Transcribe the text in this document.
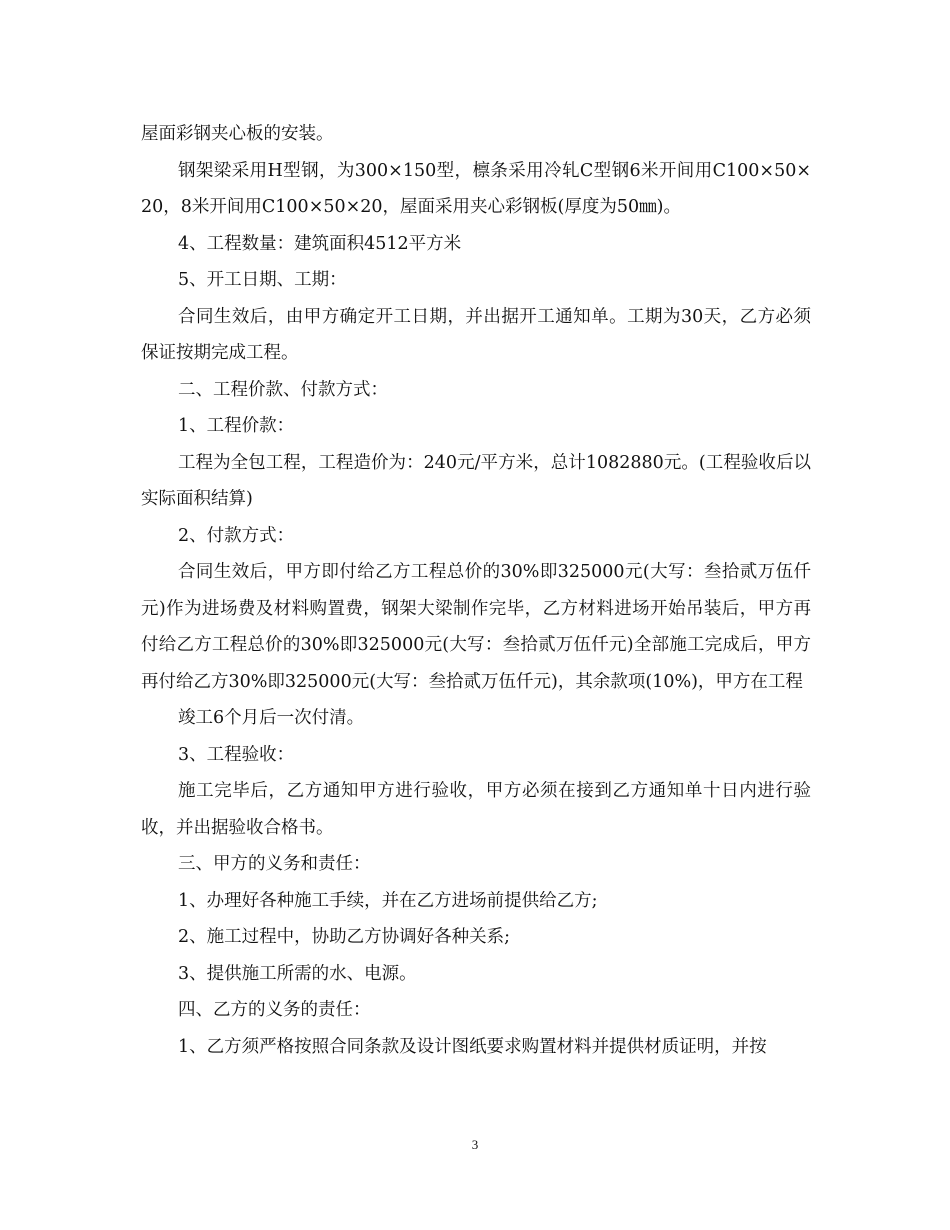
屋面彩钢夹心板的安装。

钢架梁采用H型钢，为300×150型，檩条采用冷轧C型钢6米开间用C100×50×20，8米开间用C100×50×20，屋面采用夹心彩钢板(厚度为50㎜)。

4、工程数量：建筑面积4512平方米

5、开工日期、工期：

合同生效后，由甲方确定开工日期，并出据开工通知单。工期为30天，乙方必须保证按期完成工程。

二、工程价款、付款方式：

1、工程价款：

工程为全包工程，工程造价为：240元/平方米，总计1082880元。(工程验收后以实际面积结算)

2、付款方式：

合同生效后，甲方即付给乙方工程总价的30%即325000元(大写：叁拾贰万伍仟元)作为进场费及材料购置费，钢架大梁制作完毕，乙方材料进场开始吊装后，甲方再付给乙方工程总价的30%即325000元(大写：叁拾贰万伍仟元)全部施工完成后，甲方再付给乙方30%即325000元(大写：叁拾贰万伍仟元)，其余款项(10%)，甲方在工程

竣工6个月后一次付清。

3、工程验收：

施工完毕后，乙方通知甲方进行验收，甲方必须在接到乙方通知单十日内进行验收，并出据验收合格书。

三、甲方的义务和责任：

1、办理好各种施工手续，并在乙方进场前提供给乙方;

2、施工过程中，协助乙方协调好各种关系;

3、提供施工所需的水、电源。

四、乙方的义务的责任：

1、乙方须严格按照合同条款及设计图纸要求购置材料并提供材质证明，并按

3
